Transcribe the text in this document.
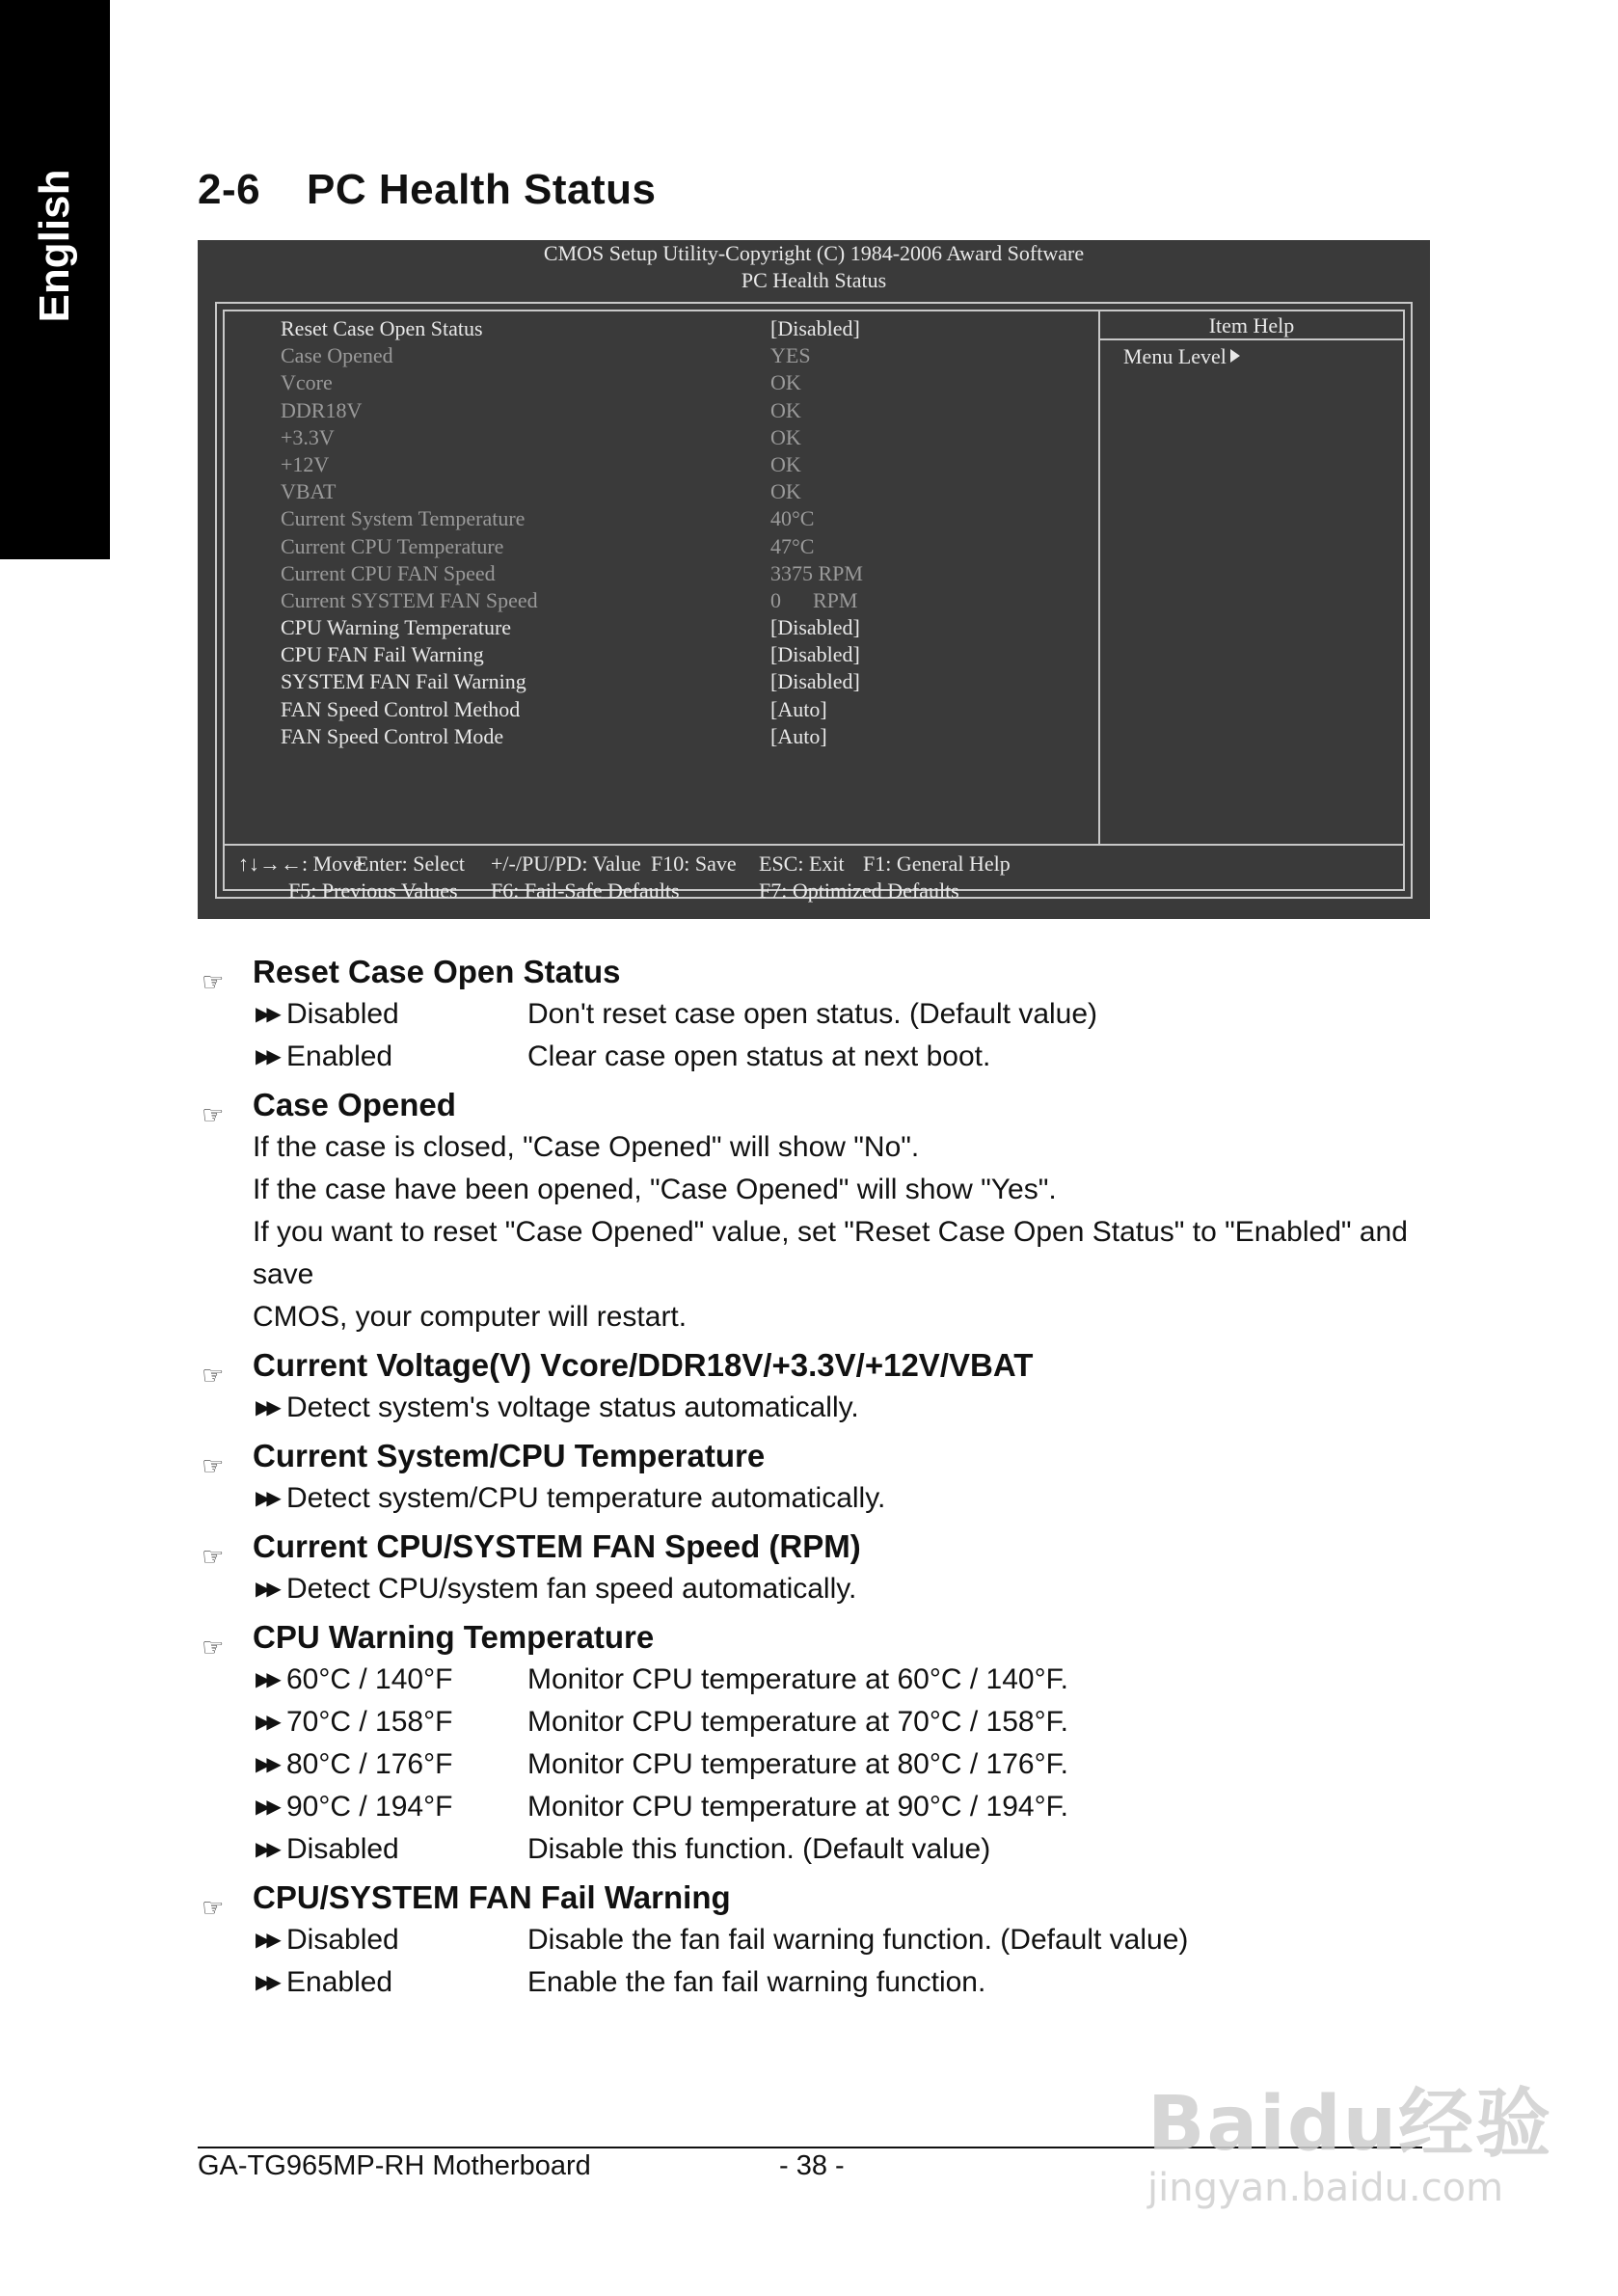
English	2-6 PC Health Status
CMOS Setup Utility-Copyright (C) 1984-2006 Award Software
PC Health Status
Item Help
Menu Level
Reset Case Open Status	[Disabled]
Case Opened	YES
Vcore	OK
DDR18V	OK
+3.3V	OK
+12V	OK
VBAT	OK
Current System Temperature	40°C
Current CPU Temperature	47°C
Current CPU FAN Speed	3375 RPM
Current SYSTEM FAN Speed	0      RPM
CPU Warning Temperature	[Disabled]
CPU FAN Fail Warning	[Disabled]
SYSTEM FAN Fail Warning	[Disabled]
FAN Speed Control Method	[Auto]
FAN Speed Control Mode	[Auto]
↑↓→←: Move
Enter: Select +/-/PU/PD: Value F10: Save ESC: Exit F1: General Help
F5: Previous Values F6: Fail-Safe Defaults	F7: Optimized Defaults
☞ Reset Case Open Status
▶▶ Disabled	Don't reset case open status. (Default value)
▶▶ Enabled	Clear case open status at next boot.
☞ Case Opened
If the case is closed, "Case Opened" will show "No".
If the case have been opened, "Case Opened" will show "Yes".
If you want to reset "Case Opened" value, set "Reset Case Open Status" to "Enabled" and save
CMOS, your computer will restart.
☞ Current Voltage(V) Vcore/DDR18V/+3.3V/+12V/VBAT
▶▶ Detect system's voltage status automatically.
☞ Current System/CPU Temperature
▶▶ Detect system/CPU temperature automatically.
☞ Current CPU/SYSTEM FAN Speed (RPM)
▶▶ Detect CPU/system fan speed automatically.
☞ CPU Warning Temperature
▶▶ 60°C / 140°F	Monitor CPU temperature at 60°C / 140°F.
▶▶ 70°C / 158°F	Monitor CPU temperature at 70°C / 158°F.
▶▶ 80°C / 176°F	Monitor CPU temperature at 80°C / 176°F.
▶▶ 90°C / 194°F	Monitor CPU temperature at 90°C / 194°F.
▶▶ Disabled	Disable this function. (Default value)
☞ CPU/SYSTEM FAN Fail Warning
▶▶ Disabled	Disable the fan fail warning function. (Default value)
▶▶ Enabled	Enable the fan fail warning function.
GA-TG965MP-RH Motherboard	- 38 -	Baidu经验
jingyan.baidu.com
